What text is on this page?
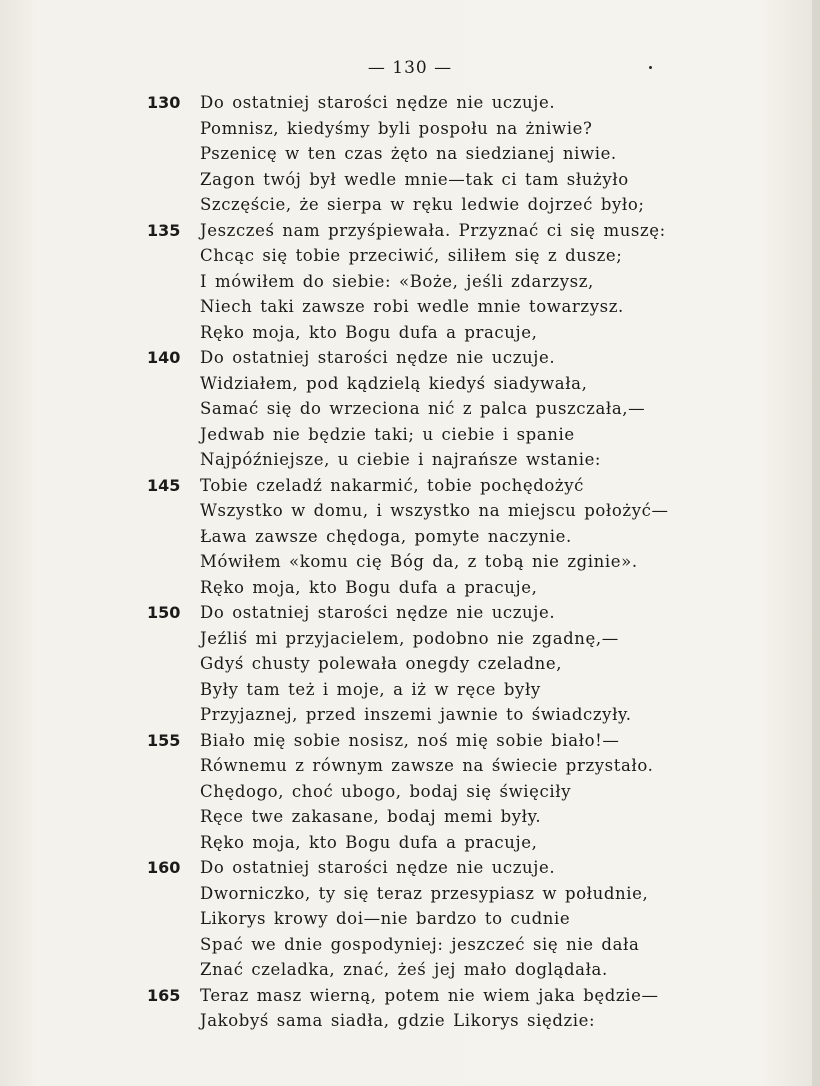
— 130 —
130	Do ostatniej starości nędze nie uczuje.
Pomnisz, kiedyśmy byli pospołu na żniwie?
Pszenicę w ten czas żęto na siedzianej niwie.
Zagon twój był wedle mnie—tak ci tam służyło
Szczęście, że sierpa w ręku ledwie dojrzeć było;
135	Jeszcześ nam przyśpiewała. Przyznać ci się muszę:
Chcąc się tobie przeciwić, siliłem się z dusze;
I mówiłem do siebie: «Boże, jeśli zdarzysz,
Niech taki zawsze robi wedle mnie towarzysz.
Ręko moja, kto Bogu dufa a pracuje,
140	Do ostatniej starości nędze nie uczuje.
Widziałem, pod kądzielą kiedyś siadywała,
Samać się do wrzeciona nić z palca puszczała,—
Jedwab nie będzie taki; u ciebie i spanie
Najpóźniejsze, u ciebie i najrańsze wstanie:
145	Tobie czeladź nakarmić, tobie pochędożyć
Wszystko w domu, i wszystko na miejscu położyć—
Ława zawsze chędoga, pomyte naczynie.
Mówiłem «komu cię Bóg da, z tobą nie zginie».
Ręko moja, kto Bogu dufa a pracuje,
150	Do ostatniej starości nędze nie uczuje.
Jeźliś mi przyjacielem, podobno nie zgadnę,—
Gdyś chusty polewała onegdy czeladne,
Były tam też i moje, a iż w ręce były
Przyjaznej, przed inszemi jawnie to świadczyły.
155	Biało mię sobie nosisz, noś mię sobie biało!—
Równemu z równym zawsze na świecie przystało.
Chędogo, choć ubogo, bodaj się święciły
Ręce twe zakasane, bodaj memi były.
Ręko moja, kto Bogu dufa a pracuje,
160	Do ostatniej starości nędze nie uczuje.
Dworniczko, ty się teraz przesypiasz w południe,
Likorys krowy doi—nie bardzo to cudnie
Spać we dnie gospodyniej: jeszczeć się nie dała
Znać czeladka, znać, żeś jej mało doglądała.
165	Teraz masz wierną, potem nie wiem jaka będzie—
Jakobyś sama siadła, gdzie Likorys siędzie:
